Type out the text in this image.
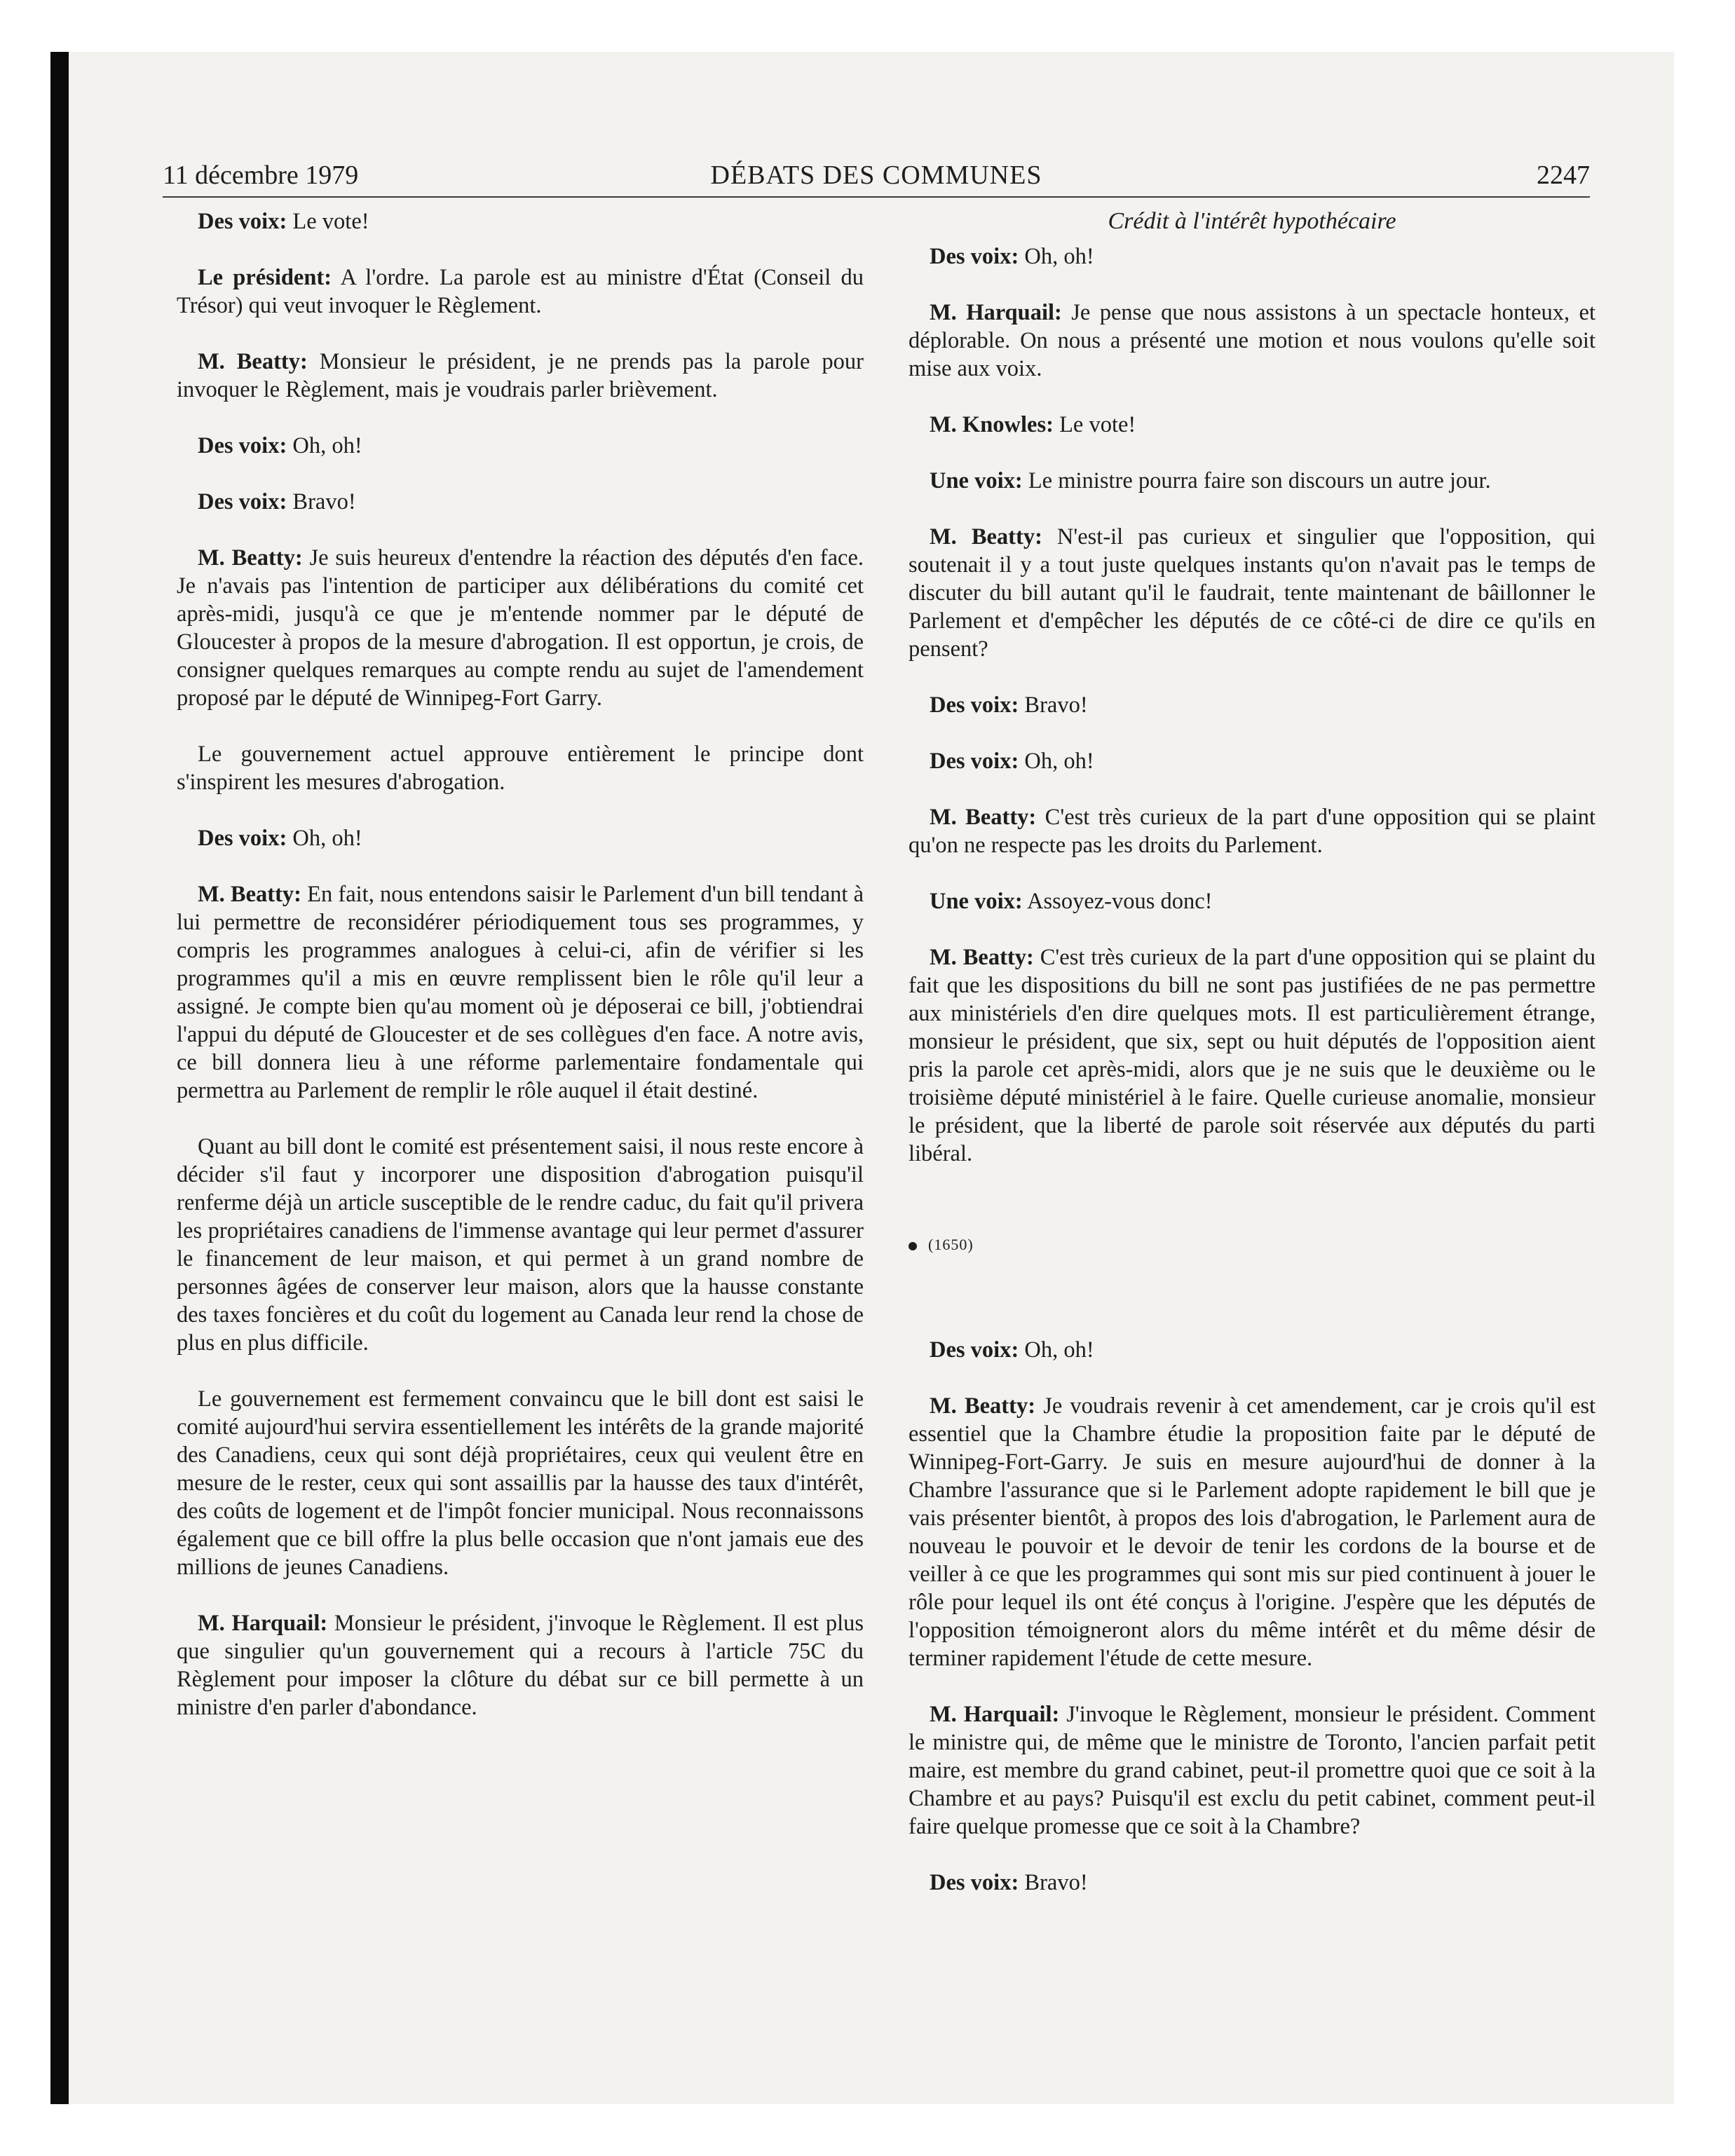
11 décembre 1979	DÉBATS DES COMMUNES	2247

Des voix: Le vote!

Le président: A l'ordre. La parole est au ministre d'État (Conseil du Trésor) qui veut invoquer le Règlement.

M. Beatty: Monsieur le président, je ne prends pas la parole pour invoquer le Règlement, mais je voudrais parler brièvement.

Des voix: Oh, oh!

Des voix: Bravo!

M. Beatty: Je suis heureux d'entendre la réaction des députés d'en face. Je n'avais pas l'intention de participer aux délibérations du comité cet après-midi, jusqu'à ce que je m'entende nommer par le député de Gloucester à propos de la mesure d'abrogation. Il est opportun, je crois, de consigner quelques remarques au compte rendu au sujet de l'amendement proposé par le député de Winnipeg-Fort Garry.

Le gouvernement actuel approuve entièrement le principe dont s'inspirent les mesures d'abrogation.

Des voix: Oh, oh!

M. Beatty: En fait, nous entendons saisir le Parlement d'un bill tendant à lui permettre de reconsidérer périodiquement tous ses programmes, y compris les programmes analogues à celui-ci, afin de vérifier si les programmes qu'il a mis en œuvre remplissent bien le rôle qu'il leur a assigné. Je compte bien qu'au moment où je déposerai ce bill, j'obtiendrai l'appui du député de Gloucester et de ses collègues d'en face. A notre avis, ce bill donnera lieu à une réforme parlementaire fondamentale qui permettra au Parlement de remplir le rôle auquel il était destiné.

Quant au bill dont le comité est présentement saisi, il nous reste encore à décider s'il faut y incorporer une disposition d'abrogation puisqu'il renferme déjà un article susceptible de le rendre caduc, du fait qu'il privera les propriétaires canadiens de l'immense avantage qui leur permet d'assurer le financement de leur maison, et qui permet à un grand nombre de personnes âgées de conserver leur maison, alors que la hausse constante des taxes foncières et du coût du logement au Canada leur rend la chose de plus en plus difficile.

Le gouvernement est fermement convaincu que le bill dont est saisi le comité aujourd'hui servira essentiellement les intérêts de la grande majorité des Canadiens, ceux qui sont déjà propriétaires, ceux qui veulent être en mesure de le rester, ceux qui sont assaillis par la hausse des taux d'intérêt, des coûts de logement et de l'impôt foncier municipal. Nous reconnaissons également que ce bill offre la plus belle occasion que n'ont jamais eue des millions de jeunes Canadiens.

M. Harquail: Monsieur le président, j'invoque le Règlement. Il est plus que singulier qu'un gouvernement qui a recours à l'article 75C du Règlement pour imposer la clôture du débat sur ce bill permette à un ministre d'en parler d'abondance.

Crédit à l'intérêt hypothécaire

Des voix: Oh, oh!

M. Harquail: Je pense que nous assistons à un spectacle honteux, et déplorable. On nous a présenté une motion et nous voulons qu'elle soit mise aux voix.

M. Knowles: Le vote!

Une voix: Le ministre pourra faire son discours un autre jour.

M. Beatty: N'est-il pas curieux et singulier que l'opposition, qui soutenait il y a tout juste quelques instants qu'on n'avait pas le temps de discuter du bill autant qu'il le faudrait, tente maintenant de bâillonner le Parlement et d'empêcher les députés de ce côté-ci de dire ce qu'ils en pensent?

Des voix: Bravo!

Des voix: Oh, oh!

M. Beatty: C'est très curieux de la part d'une opposition qui se plaint qu'on ne respecte pas les droits du Parlement.

Une voix: Assoyez-vous donc!

M. Beatty: C'est très curieux de la part d'une opposition qui se plaint du fait que les dispositions du bill ne sont pas justifiées de ne pas permettre aux ministériels d'en dire quelques mots. Il est particulièrement étrange, monsieur le président, que six, sept ou huit députés de l'opposition aient pris la parole cet après-midi, alors que je ne suis que le deuxième ou le troisième député ministériel à le faire. Quelle curieuse anomalie, monsieur le président, que la liberté de parole soit réservée aux députés du parti libéral.

(1650)

Des voix: Oh, oh!

M. Beatty: Je voudrais revenir à cet amendement, car je crois qu'il est essentiel que la Chambre étudie la proposition faite par le député de Winnipeg-Fort-Garry. Je suis en mesure aujourd'hui de donner à la Chambre l'assurance que si le Parlement adopte rapidement le bill que je vais présenter bientôt, à propos des lois d'abrogation, le Parlement aura de nouveau le pouvoir et le devoir de tenir les cordons de la bourse et de veiller à ce que les programmes qui sont mis sur pied continuent à jouer le rôle pour lequel ils ont été conçus à l'origine. J'espère que les députés de l'opposition témoigneront alors du même intérêt et du même désir de terminer rapidement l'étude de cette mesure.

M. Harquail: J'invoque le Règlement, monsieur le président. Comment le ministre qui, de même que le ministre de Toronto, l'ancien parfait petit maire, est membre du grand cabinet, peut-il promettre quoi que ce soit à la Chambre et au pays? Puisqu'il est exclu du petit cabinet, comment peut-il faire quelque promesse que ce soit à la Chambre?

Des voix: Bravo!
